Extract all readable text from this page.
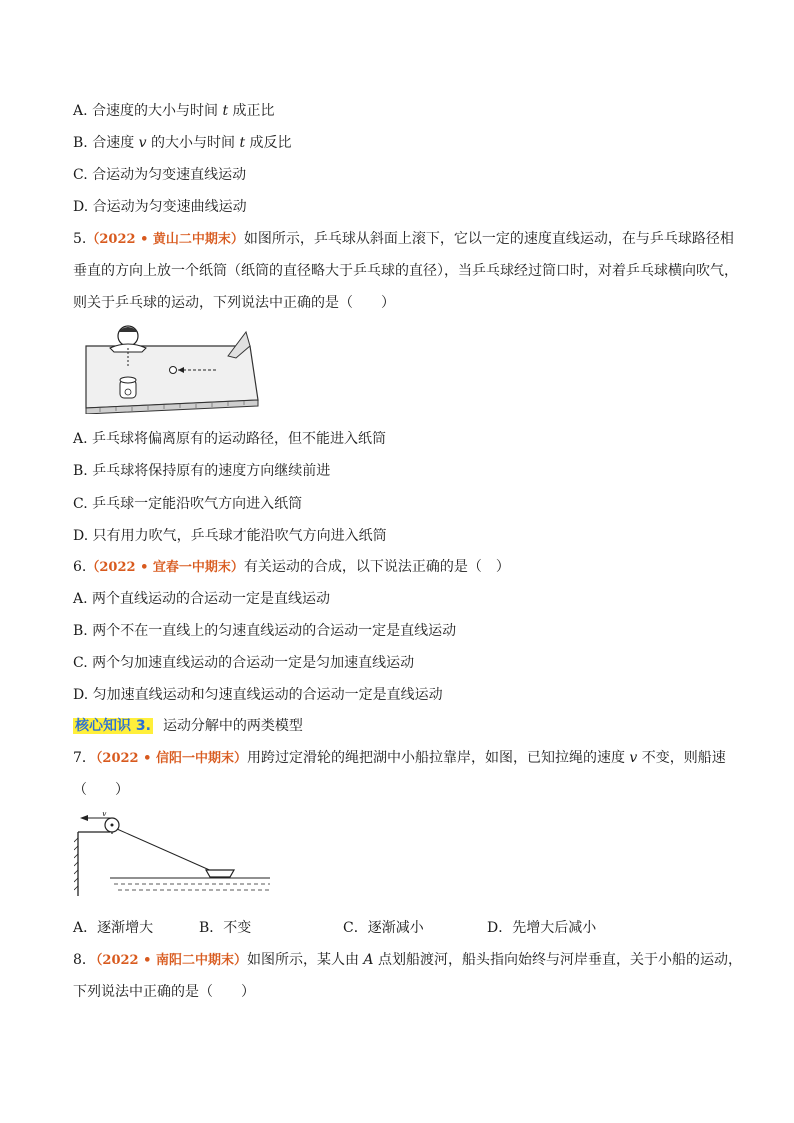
A. 合速度的大小与时间 t 成正比
B. 合速度 v 的大小与时间 t 成反比
C. 合运动为匀变速直线运动
D. 合运动为匀变速曲线运动
5.（2022 • 黄山二中期末）如图所示，乒乓球从斜面上滚下，它以一定的速度直线运动，在与乒乓球路径相
垂直的方向上放一个纸筒（纸筒的直径略大于乒乓球的直径），当乒乓球经过筒口时，对着乒乓球横向吹气，
则关于乒乓球的运动，下列说法中正确的是（　　）
A. 乒乓球将偏离原有的运动路径，但不能进入纸筒
B. 乒乓球将保持原有的速度方向继续前进
C. 乒乓球一定能沿吹气方向进入纸筒
D. 只有用力吹气，乒乓球才能沿吹气方向进入纸筒
6.（2022 • 宜春一中期末）有关运动的合成，以下说法正确的是（　）
A. 两个直线运动的合运动一定是直线运动
B. 两个不在一直线上的匀速直线运动的合运动一定是直线运动
C. 两个匀加速直线运动的合运动一定是匀加速直线运动
D. 匀加速直线运动和匀速直线运动的合运动一定是直线运动
核心知识 3. 运动分解中的两类模型
7．（2022 • 信阳一中期末）用跨过定滑轮的绳把湖中小船拉靠岸，如图，已知拉绳的速度 v 不变，则船速
（　　）
v
A．逐渐增大	B．不变	C．逐渐减小	D．先增大后减小
8．（2022 • 南阳二中期末）如图所示，某人由 A 点划船渡河，船头指向始终与河岸垂直，关于小船的运动，
下列说法中正确的是（　　）
